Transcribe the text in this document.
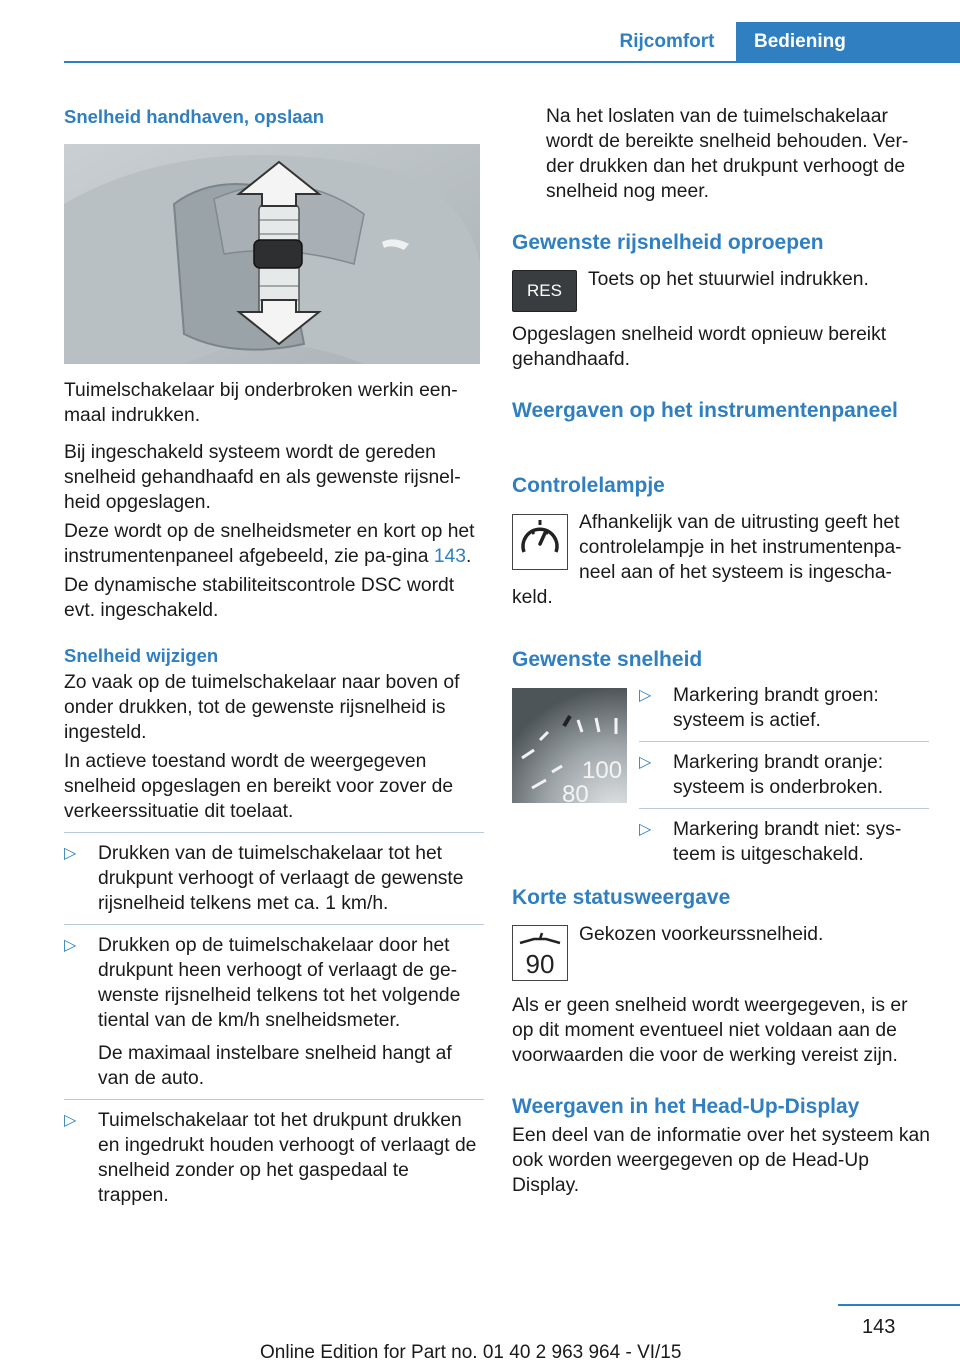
Rijcomfort	Bediening

Snelheid handhaven, opslaan

Tuimelschakelaar bij onderbroken werkin een-maal indrukken.

Bij ingeschakeld systeem wordt de gereden snelheid gehandhaafd en als gewenste rijsnel-heid opgeslagen.

Deze wordt op de snelheidsmeter en kort op het instrumentenpaneel afgebeeld, zie pa-gina 143.

De dynamische stabiliteitscontrole DSC wordt evt. ingeschakeld.

Snelheid wijzigen

Zo vaak op de tuimelschakelaar naar boven of onder drukken, tot de gewenste rijsnelheid is ingesteld.

In actieve toestand wordt de weergegeven snelheid opgeslagen en bereikt voor zover de verkeerssituatie dit toelaat.

▷ Drukken van de tuimelschakelaar tot het drukpunt verhoogt of verlaagt de gewenste rijsnelheid telkens met ca. 1 km/h.
▷ Drukken op de tuimelschakelaar door het drukpunt heen verhoogt of verlaagt de ge-wenste rijsnelheid telkens tot het volgende tiental van de km/h snelheidsmeter.

De maximaal instelbare snelheid hangt af van de auto.

▷ Tuimelschakelaar tot het drukpunt drukken en ingedrukt houden verhoogt of verlaagt de snelheid zonder op het gaspedaal te trappen.

Na het loslaten van de tuimelschakelaar wordt de bereikte snelheid behouden. Ver-der drukken dan het drukpunt verhoogt de snelheid nog meer.

Gewenste rijsnelheid oproepen

RES

Toets op het stuurwiel indrukken.

Opgeslagen snelheid wordt opnieuw bereikt gehandhaafd.

Weergaven op het instrumentenpaneel

Controlelampje

Afhankelijk van de uitrusting geeft het controlelampje in het instrumentenpa-neel aan of het systeem is ingescha-

keld.

Gewenste snelheid

100
80
▷ Markering brandt groen: systeem is actief.
▷ Markering brandt oranje: systeem is onderbroken.
▷ Markering brandt niet: sys-teem is uitgeschakeld.

Korte statusweergave

90

Gekozen voorkeurssnelheid.

Als er geen snelheid wordt weergegeven, is er op dit moment eventueel niet voldaan aan de voorwaarden die voor de werking vereist zijn.

Weergaven in het Head-Up-Display

Een deel van de informatie over het systeem kan ook worden weergegeven op de Head-Up Display.

143
Online Edition for Part no. 01 40 2 963 964 - VI/15
